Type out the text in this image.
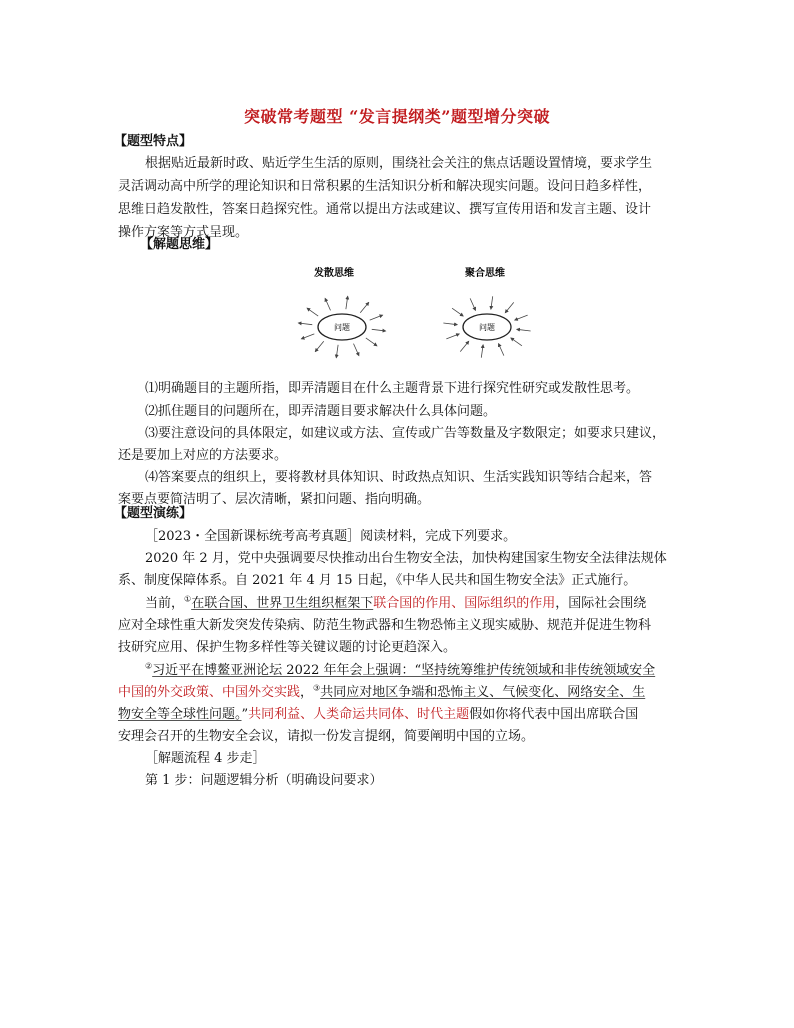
突破常考题型 “发言提纲类”题型增分突破
【题型特点】
根据贴近最新时政、贴近学生生活的原则，围绕社会关注的焦点话题设置情境，要求学生
灵活调动高中所学的理论知识和日常积累的生活知识分析和解决现实问题。设问日趋多样性，
思维日趋发散性，答案日趋探究性。通常以提出方法或建议、撰写宣传用语和发言主题、设计
操作方案等方式呈现。
【解题思维】
发散思维	聚合思维
问题	问题
⑴明确题目的主题所指，即弄清题目在什么主题背景下进行探究性研究或发散性思考。
⑵抓住题目的问题所在，即弄清题目要求解决什么具体问题。
⑶要注意设问的具体限定，如建议或方法、宣传或广告等数量及字数限定；如要求只建议，
还是要加上对应的方法要求。
⑷答案要点的组织上，要将教材具体知识、时政热点知识、生活实践知识等结合起来，答
案要点要简洁明了、层次清晰，紧扣问题、指向明确。
【题型演练】
［2023・全国新课标统考高考真题］阅读材料，完成下列要求。
2020 年 2 月，党中央强调要尽快推动出台生物安全法，加快构建国家生物安全法律法规体
系、制度保障体系。自 2021 年 4 月 15 日起，《中华人民共和国生物安全法》正式施行。
当前，①在联合国、世界卫生组织框架下联合国的作用、国际组织的作用，国际社会围绕
应对全球性重大新发突发传染病、防范生物武器和生物恐怖主义现实威胁、规范并促进生物科
技研究应用、保护生物多样性等关键议题的讨论更趋深入。
②习近平在博鳌亚洲论坛 2022 年年会上强调：“坚持统筹维护传统领域和非传统领域安全
中国的外交政策、中国外交实践，③共同应对地区争端和恐怖主义、气候变化、网络安全、生
物安全等全球性问题。”共同利益、人类命运共同体、时代主题假如你将代表中国出席联合国
安理会召开的生物安全会议，请拟一份发言提纲，简要阐明中国的立场。
［解题流程 4 步走］
第 1 步：问题逻辑分析（明确设问要求）
